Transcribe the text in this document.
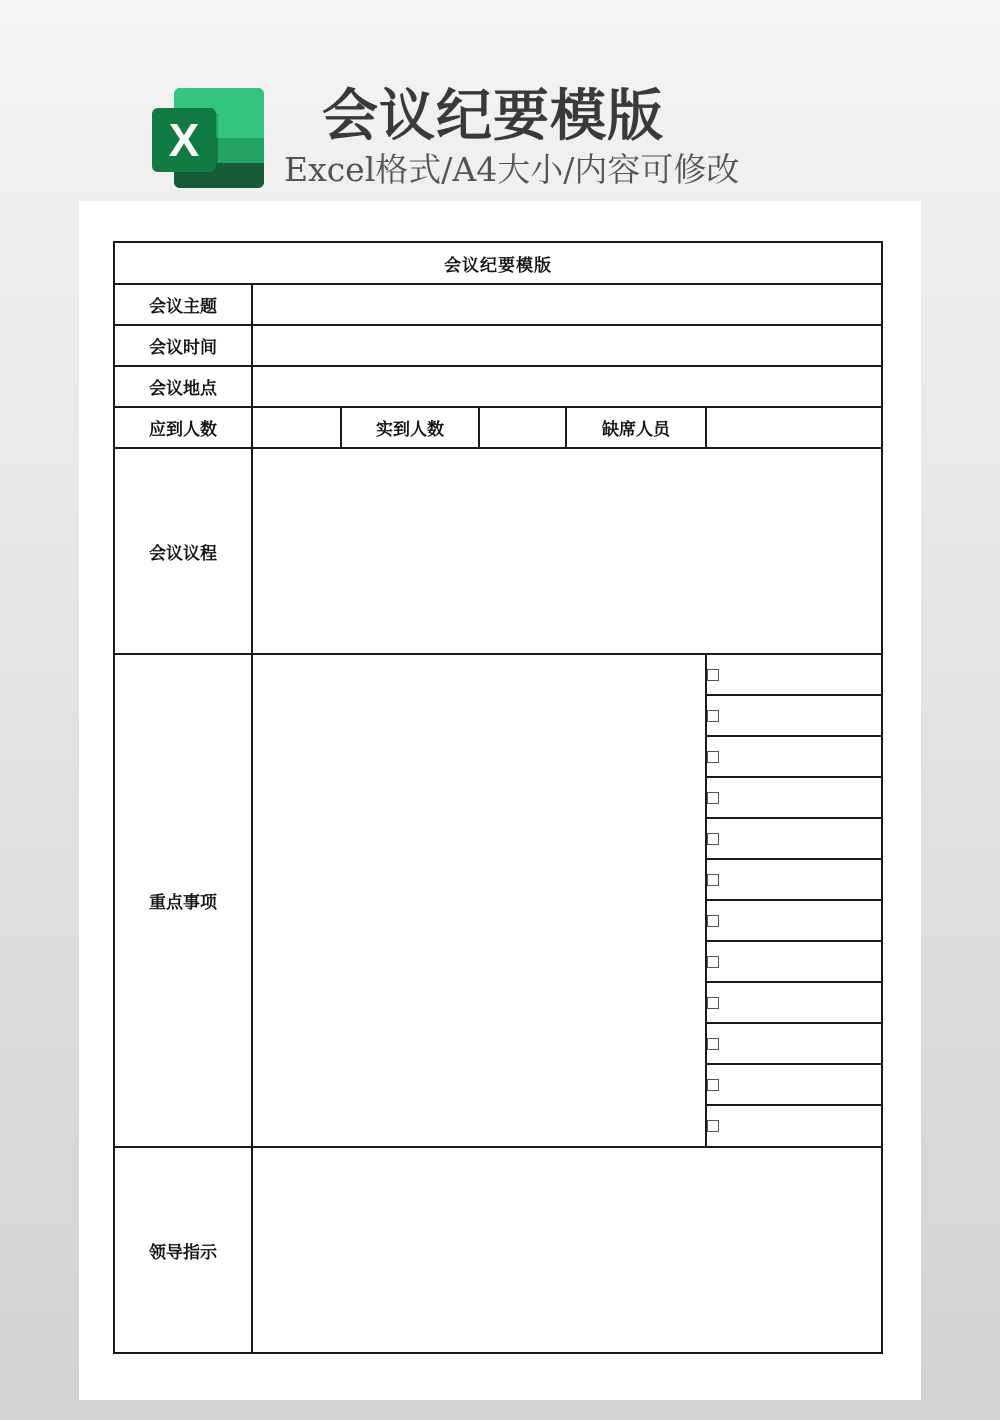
X 会议纪要模版
Excel格式/A4大小/内容可修改
会议纪要模版					
会议主题					
会议时间					
会议地点					
应到人数		实到人数		缺席人员	
会议议程					
重点事项					

领导指示					
